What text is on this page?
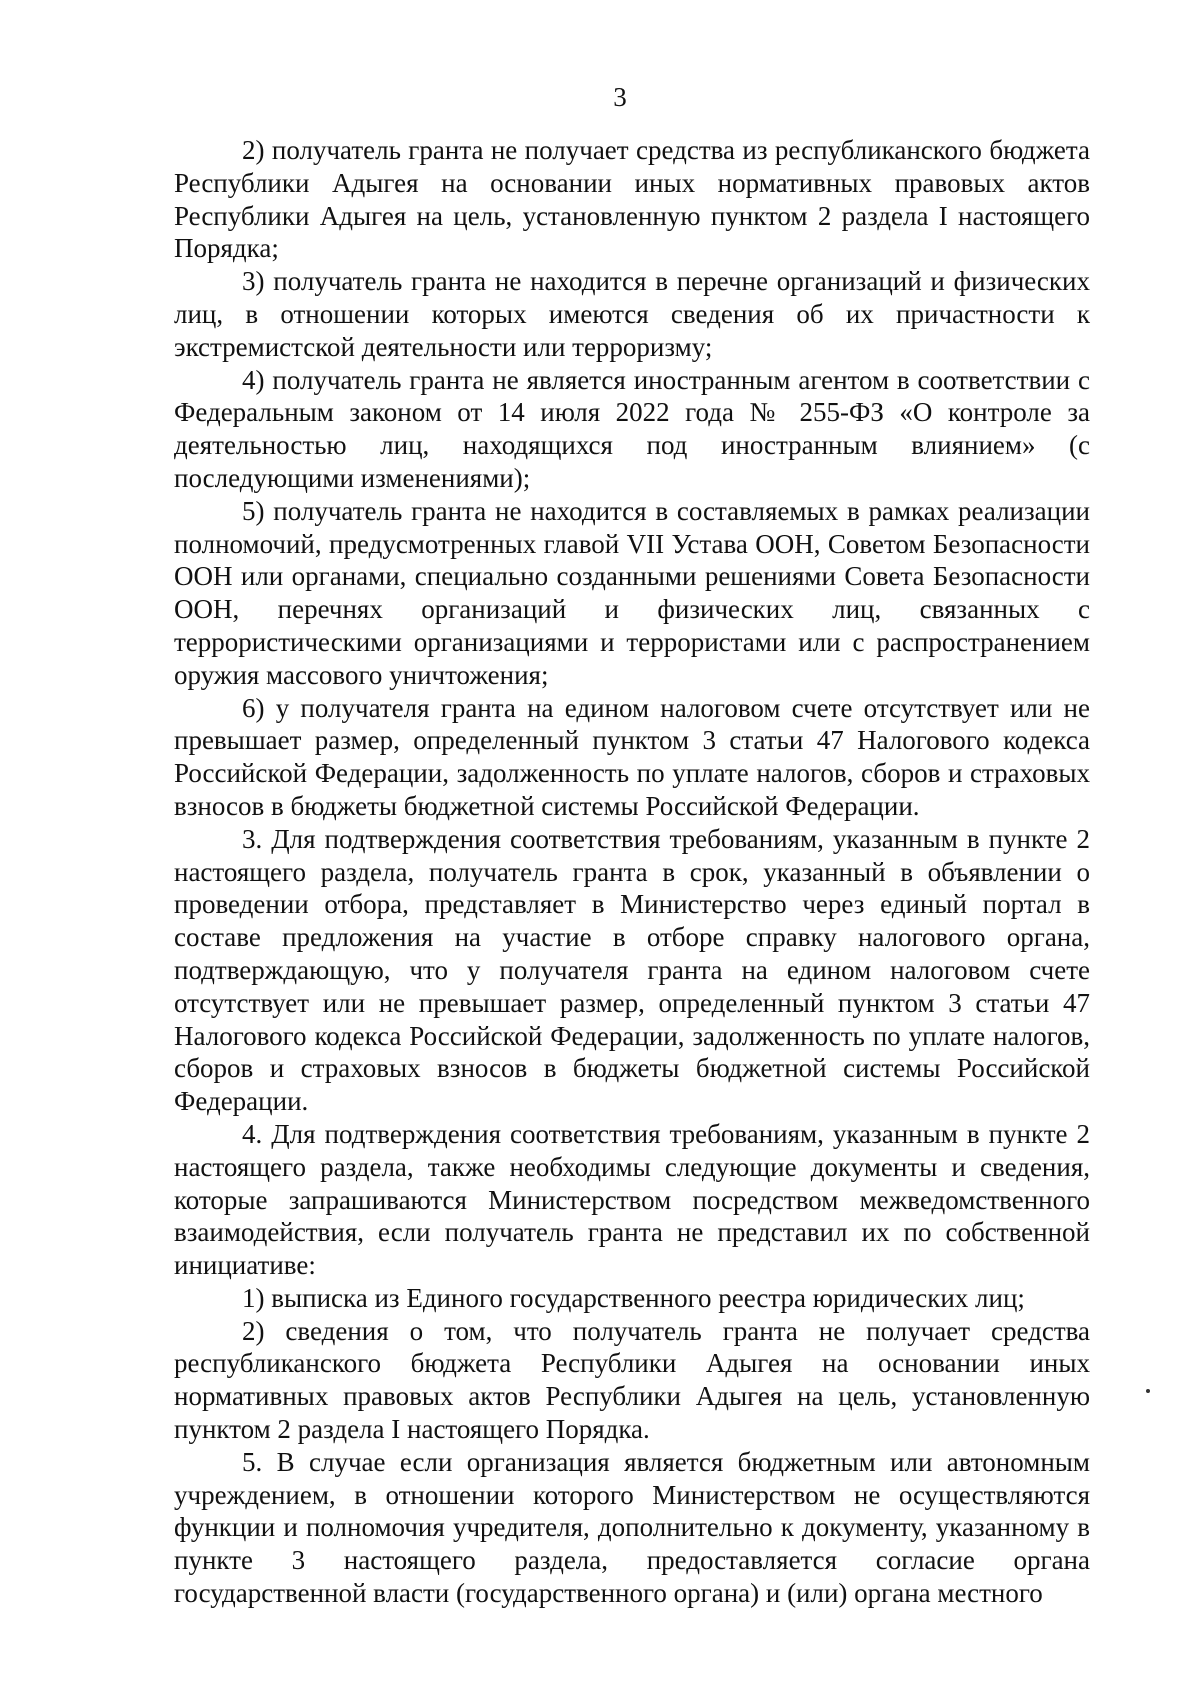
3

2) получатель гранта не получает средства из республиканского бюджета Республики Адыгея на основании иных нормативных правовых актов Республики Адыгея на цель, установленную пунктом 2 раздела I настоящего Порядка;

3) получатель гранта не находится в перечне организаций и физических лиц, в отношении которых имеются сведения об их причастности к экстремистской деятельности или терроризму;

4) получатель гранта не является иностранным агентом в соответствии с Федеральным законом от 14 июля 2022 года № 255-ФЗ «О контроле за деятельностью лиц, находящихся под иностранным влиянием» (с последующими изменениями);

5) получатель гранта не находится в составляемых в рамках реализации полномочий, предусмотренных главой VII Устава ООН, Советом Безопасности ООН или органами, специально созданными решениями Совета Безопасности ООН, перечнях организаций и физических лиц, связанных с террористическими организациями и террористами или с распространением оружия массового уничтожения;

6) у получателя гранта на едином налоговом счете отсутствует или не превышает размер, определенный пунктом 3 статьи 47 Налогового кодекса Российской Федерации, задолженность по уплате налогов, сборов и страховых взносов в бюджеты бюджетной системы Российской Федерации.

3. Для подтверждения соответствия требованиям, указанным в пункте 2 настоящего раздела, получатель гранта в срок, указанный в объявлении о проведении отбора, представляет в Министерство через единый портал в составе предложения на участие в отборе справку налогового органа, подтверждающую, что у получателя гранта на едином налоговом счете отсутствует или не превышает размер, определенный пунктом 3 статьи 47 Налогового кодекса Российской Федерации, задолженность по уплате налогов, сборов и страховых взносов в бюджеты бюджетной системы Российской Федерации.

4. Для подтверждения соответствия требованиям, указанным в пункте 2 настоящего раздела, также необходимы следующие документы и сведения, которые запрашиваются Министерством посредством межведомственного взаимодействия, если получатель гранта не представил их по собственной инициативе:

1) выписка из Единого государственного реестра юридических лиц;

2) сведения о том, что получатель гранта не получает средства республиканского бюджета Республики Адыгея на основании иных нормативных правовых актов Республики Адыгея на цель, установленную пунктом 2 раздела I настоящего Порядка.

5. В случае если организация является бюджетным или автономным учреждением, в отношении которого Министерством не осуществляются функции и полномочия учредителя, дополнительно к документу, указанному в пункте 3 настоящего раздела, предоставляется согласие органа государственной власти (государственного органа) и (или) органа местного
